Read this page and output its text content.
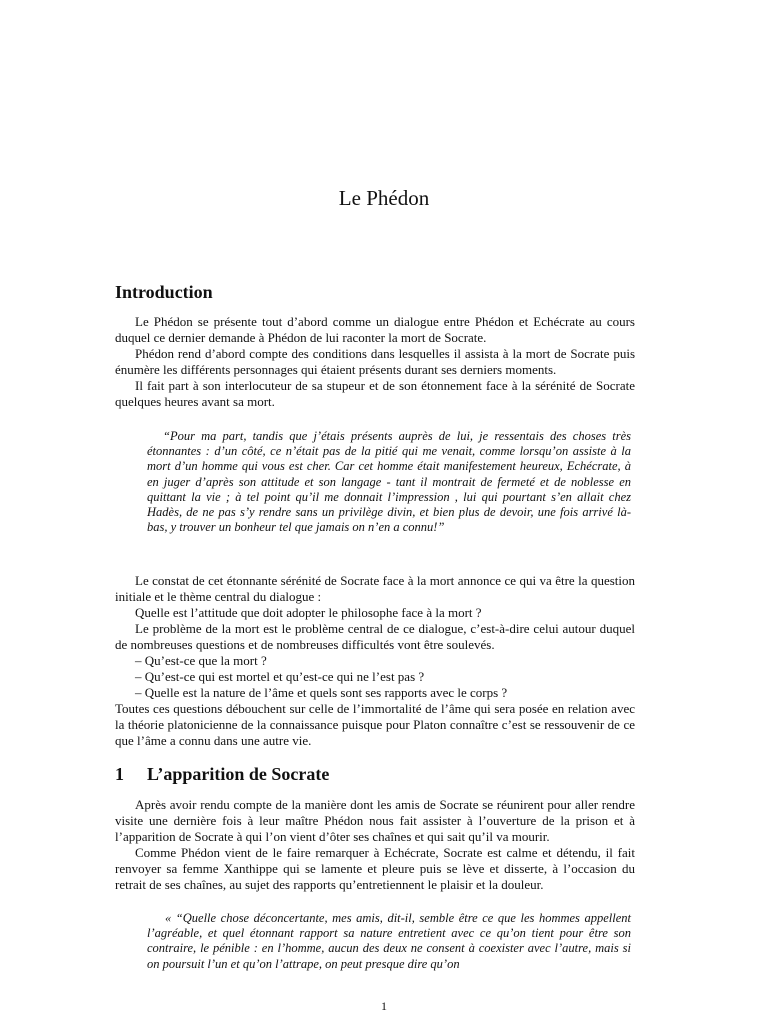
Le Phédon
Introduction

Le Phédon se présente tout d’abord comme un dialogue entre Phédon et Echécrate au cours duquel ce dernier demande à Phédon de lui raconter la mort de Socrate.

Phédon rend d’abord compte des conditions dans lesquelles il assista à la mort de Socrate puis énumère les différents personnages qui étaient présents durant ses derniers moments.

Il fait part à son interlocuteur de sa stupeur et de son étonnement face à la sérénité de Socrate quelques heures avant sa mort.

“Pour ma part, tandis que j’étais présents auprès de lui, je ressentais des choses très étonnantes : d’un côté, ce n’était pas de la pitié qui me venait, comme lorsqu’on assiste à la mort d’un homme qui vous est cher. Car cet homme était manifestement heureux, Echécrate, à en juger d’après son attitude et son langage - tant il montrait de fermeté et de noblesse en quittant la vie ; à tel point qu’il me donnait l’impression , lui qui pourtant s’en allait chez Hadès, de ne pas s’y rendre sans un privilège divin, et bien plus de devoir, une fois arrivé là-bas, y trouver un bonheur tel que jamais on n’en a connu!”

Le constat de cet étonnante sérénité de Socrate face à la mort annonce ce qui va être la question initiale et le thème central du dialogue :

Quelle est l’attitude que doit adopter le philosophe face à la mort ?

Le problème de la mort est le problème central de ce dialogue, c’est-à-dire celui autour duquel de nombreuses questions et de nombreuses difficultés vont être soulevés.

– Qu’est-ce que la mort ?
– Qu’est-ce qui est mortel et qu’est-ce qui ne l’est pas ?
– Quelle est la nature de l’âme et quels sont ses rapports avec le corps ?

Toutes ces questions débouchent sur celle de l’immortalité de l’âme qui sera posée en relation avec la théorie platonicienne de la connaissance puisque pour Platon connaître c’est se ressouvenir de ce que l’âme a connu dans une autre vie.

1 L’apparition de Socrate

Après avoir rendu compte de la manière dont les amis de Socrate se réunirent pour aller rendre visite une dernière fois à leur maître Phédon nous fait assister à l’ouverture de la prison et à l’apparition de Socrate à qui l’on vient d’ôter ses chaînes et qui sait qu’il va mourir.

Comme Phédon vient de le faire remarquer à Echécrate, Socrate est calme et détendu, il fait renvoyer sa femme Xanthippe qui se lamente et pleure puis se lève et disserte, à l’occasion du retrait de ses chaînes, au sujet des rapports qu’entretiennent le plaisir et la douleur.

« “Quelle chose déconcertante, mes amis, dit-il, semble être ce que les hommes appellent l’agréable, et quel étonnant rapport sa nature entretient avec ce qu’on tient pour être son contraire, le pénible : en l’homme, aucun des deux ne consent à coexister avec l’autre, mais si on poursuit l’un et qu’on l’attrape, on peut presque dire qu’on

1
